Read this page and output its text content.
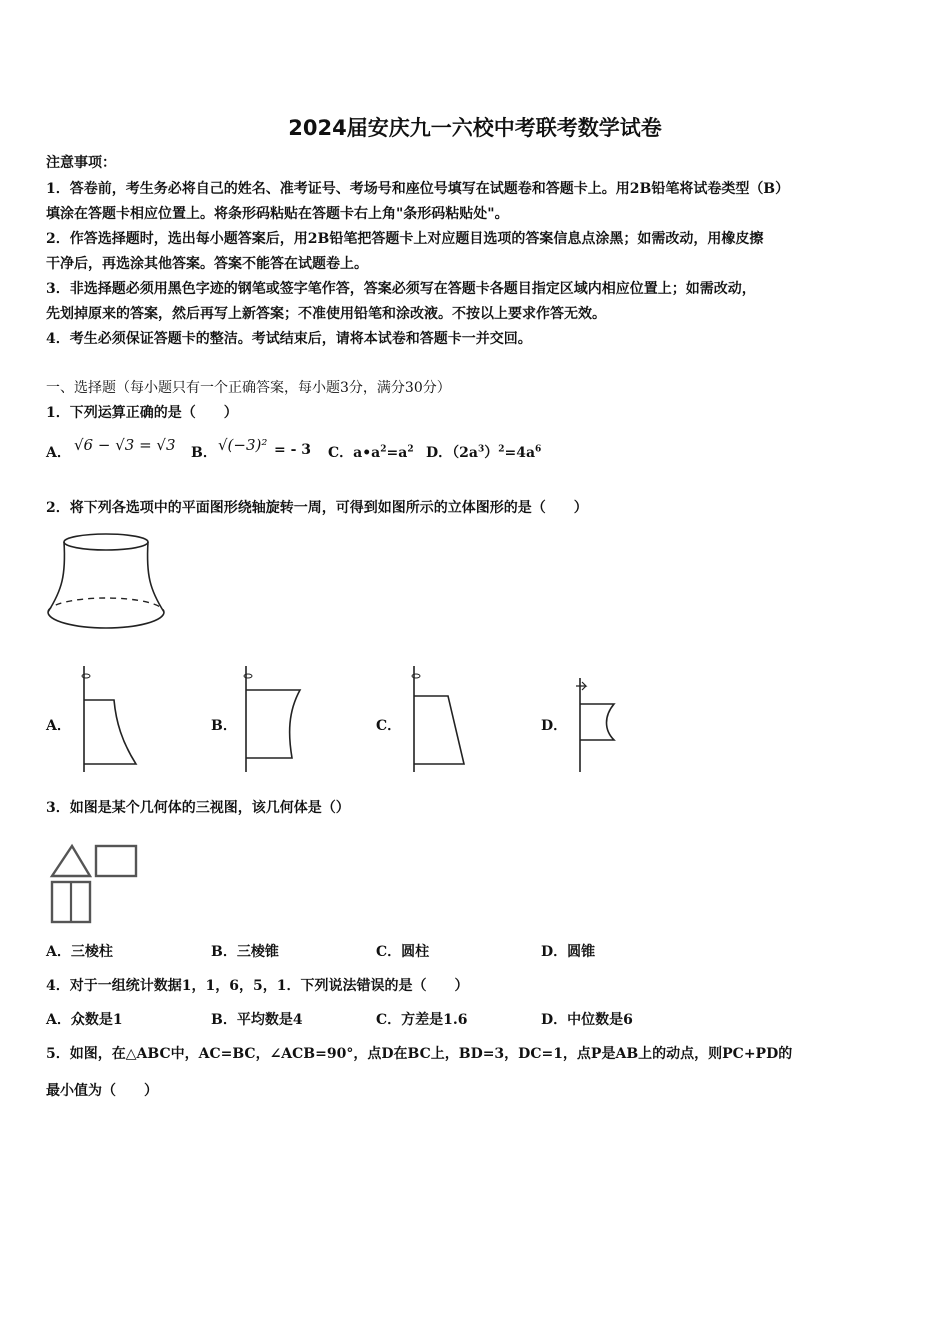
2024届安庆九一六校中考联考数学试卷
注意事项：
1．答卷前，考生务必将自己的姓名、准考证号、考场号和座位号填写在试题卷和答题卡上。用2B铅笔将试卷类型（B）
填涂在答题卡相应位置上。将条形码粘贴在答题卡右上角"条形码粘贴处"。
2．作答选择题时，选出每小题答案后，用2B铅笔把答题卡上对应题目选项的答案信息点涂黑；如需改动，用橡皮擦
干净后，再选涂其他答案。答案不能答在试题卷上。
3．非选择题必须用黑色字迹的钢笔或签字笔作答，答案必须写在答题卡各题目指定区域内相应位置上；如需改动，
先划掉原来的答案，然后再写上新答案；不准使用铅笔和涂改液。不按以上要求作答无效。
4．考生必须保证答题卡的整洁。考试结束后，请将本试卷和答题卡一并交回。
一、选择题（每小题只有一个正确答案，每小题3分，满分30分）
1．下列运算正确的是（　　）
A． √6 − √3 = √3 B． √(−3)² = - 3 C．$a•a^2=a^2$ D．$(2a^3)^2=4a^6$
2．将下列各选项中的平面图形绕轴旋转一周，可得到如图所示的立体图形的是（　　）
A．	B．	C．	D．
3．如图是某个几何体的三视图，该几何体是（）
A．三棱柱	B．三棱锥	C．圆柱	D．圆锥
4．对于一组统计数据1，1，6，5，1．下列说法错误的是（　　）
A．众数是1	B．平均数是4	C．方差是1.6	D．中位数是6
5．如图，在△ABC中，AC=BC，∠ACB=90°，点D在BC上，BD=3，DC=1，点P是AB上的动点，则PC+PD的
最小值为（　　）
